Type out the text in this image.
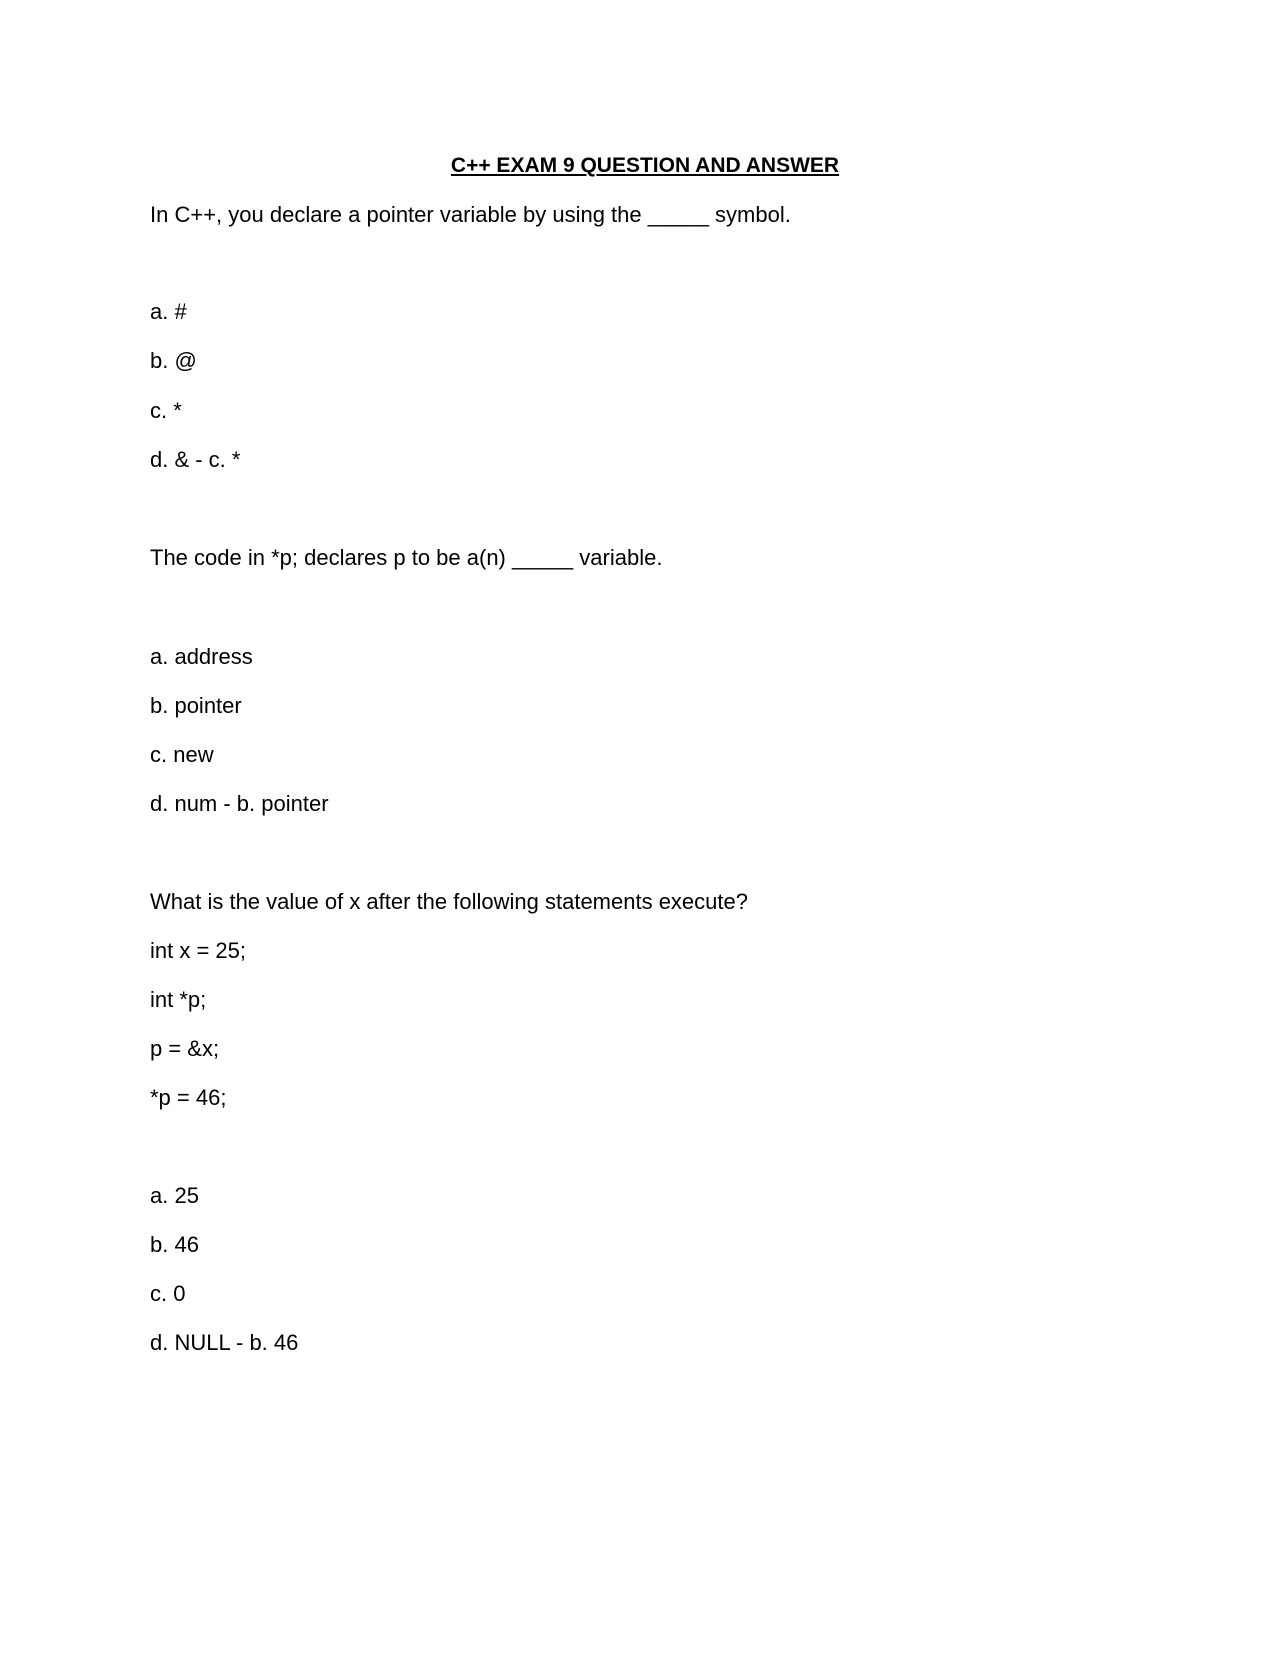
C++ EXAM 9 QUESTION AND ANSWER
In C++, you declare a pointer variable by using the _____ symbol.
a. #
b. @
c. *
d. & - c. *
The code in *p; declares p to be a(n) _____ variable.
a. address
b. pointer
c. new
d. num - b. pointer
What is the value of x after the following statements execute?
int x = 25;
int *p;
p = &x;
*p = 46;
a. 25
b. 46
c. 0
d. NULL - b. 46
